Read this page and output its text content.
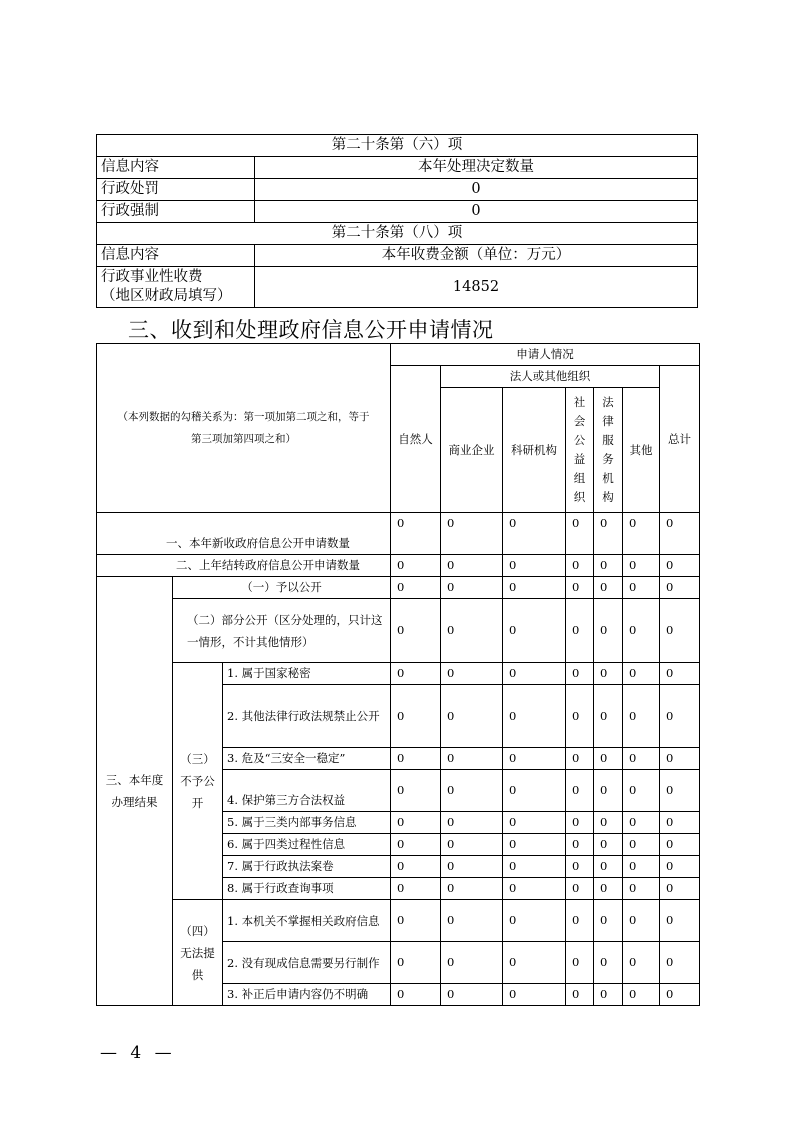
第二十条第（六）项	
信息内容	本年处理决定数量
行政处罚	0
行政强制	0
第二十条第（八）项	
信息内容	本年收费金额（单位：万元）

行政事业性收费
（地区财政局填写）	14852
三、收到和处理政府信息公开申请情况
（本列数据的勾稽关系为：第一项加第二项之和，等于第三项加第四项之和）			申请人情况						
			自然人	法人或其他组织					总计
				商业企业	科研机构	社会公益组织	法律服务机构	其他	
一、本年新收政府信息公开申请数量			0	0	0	0	0	0	0
二、上年结转政府信息公开申请数量			0	0	0	0	0	0	0
三、本年度办理结果	（一）予以公开		0	0	0	0	0	0	0
	（二）部分公开（区分处理的，只计这一情形，不计其他情形）		0	0	0	0	0	0	0
	（三）不予公开	1. 属于国家秘密	0	0	0	0	0	0	0
		2. 其他法律行政法规禁止公开	0	0	0	0	0	0	0
		3. 危及“三安全一稳定”	0	0	0	0	0	0	0
		4. 保护第三方合法权益	0	0	0	0	0	0	0
		5. 属于三类内部事务信息	0	0	0	0	0	0	0
		6. 属于四类过程性信息	0	0	0	0	0	0	0
		7. 属于行政执法案卷	0	0	0	0	0	0	0
		8. 属于行政查询事项	0	0	0	0	0	0	0
	（四）无法提供	1. 本机关不掌握相关政府信息	0	0	0	0	0	0	0
		2. 没有现成信息需要另行制作	0	0	0	0	0	0	0
		3. 补正后申请内容仍不明确	0	0	0	0	0	0	0
— 4 —
